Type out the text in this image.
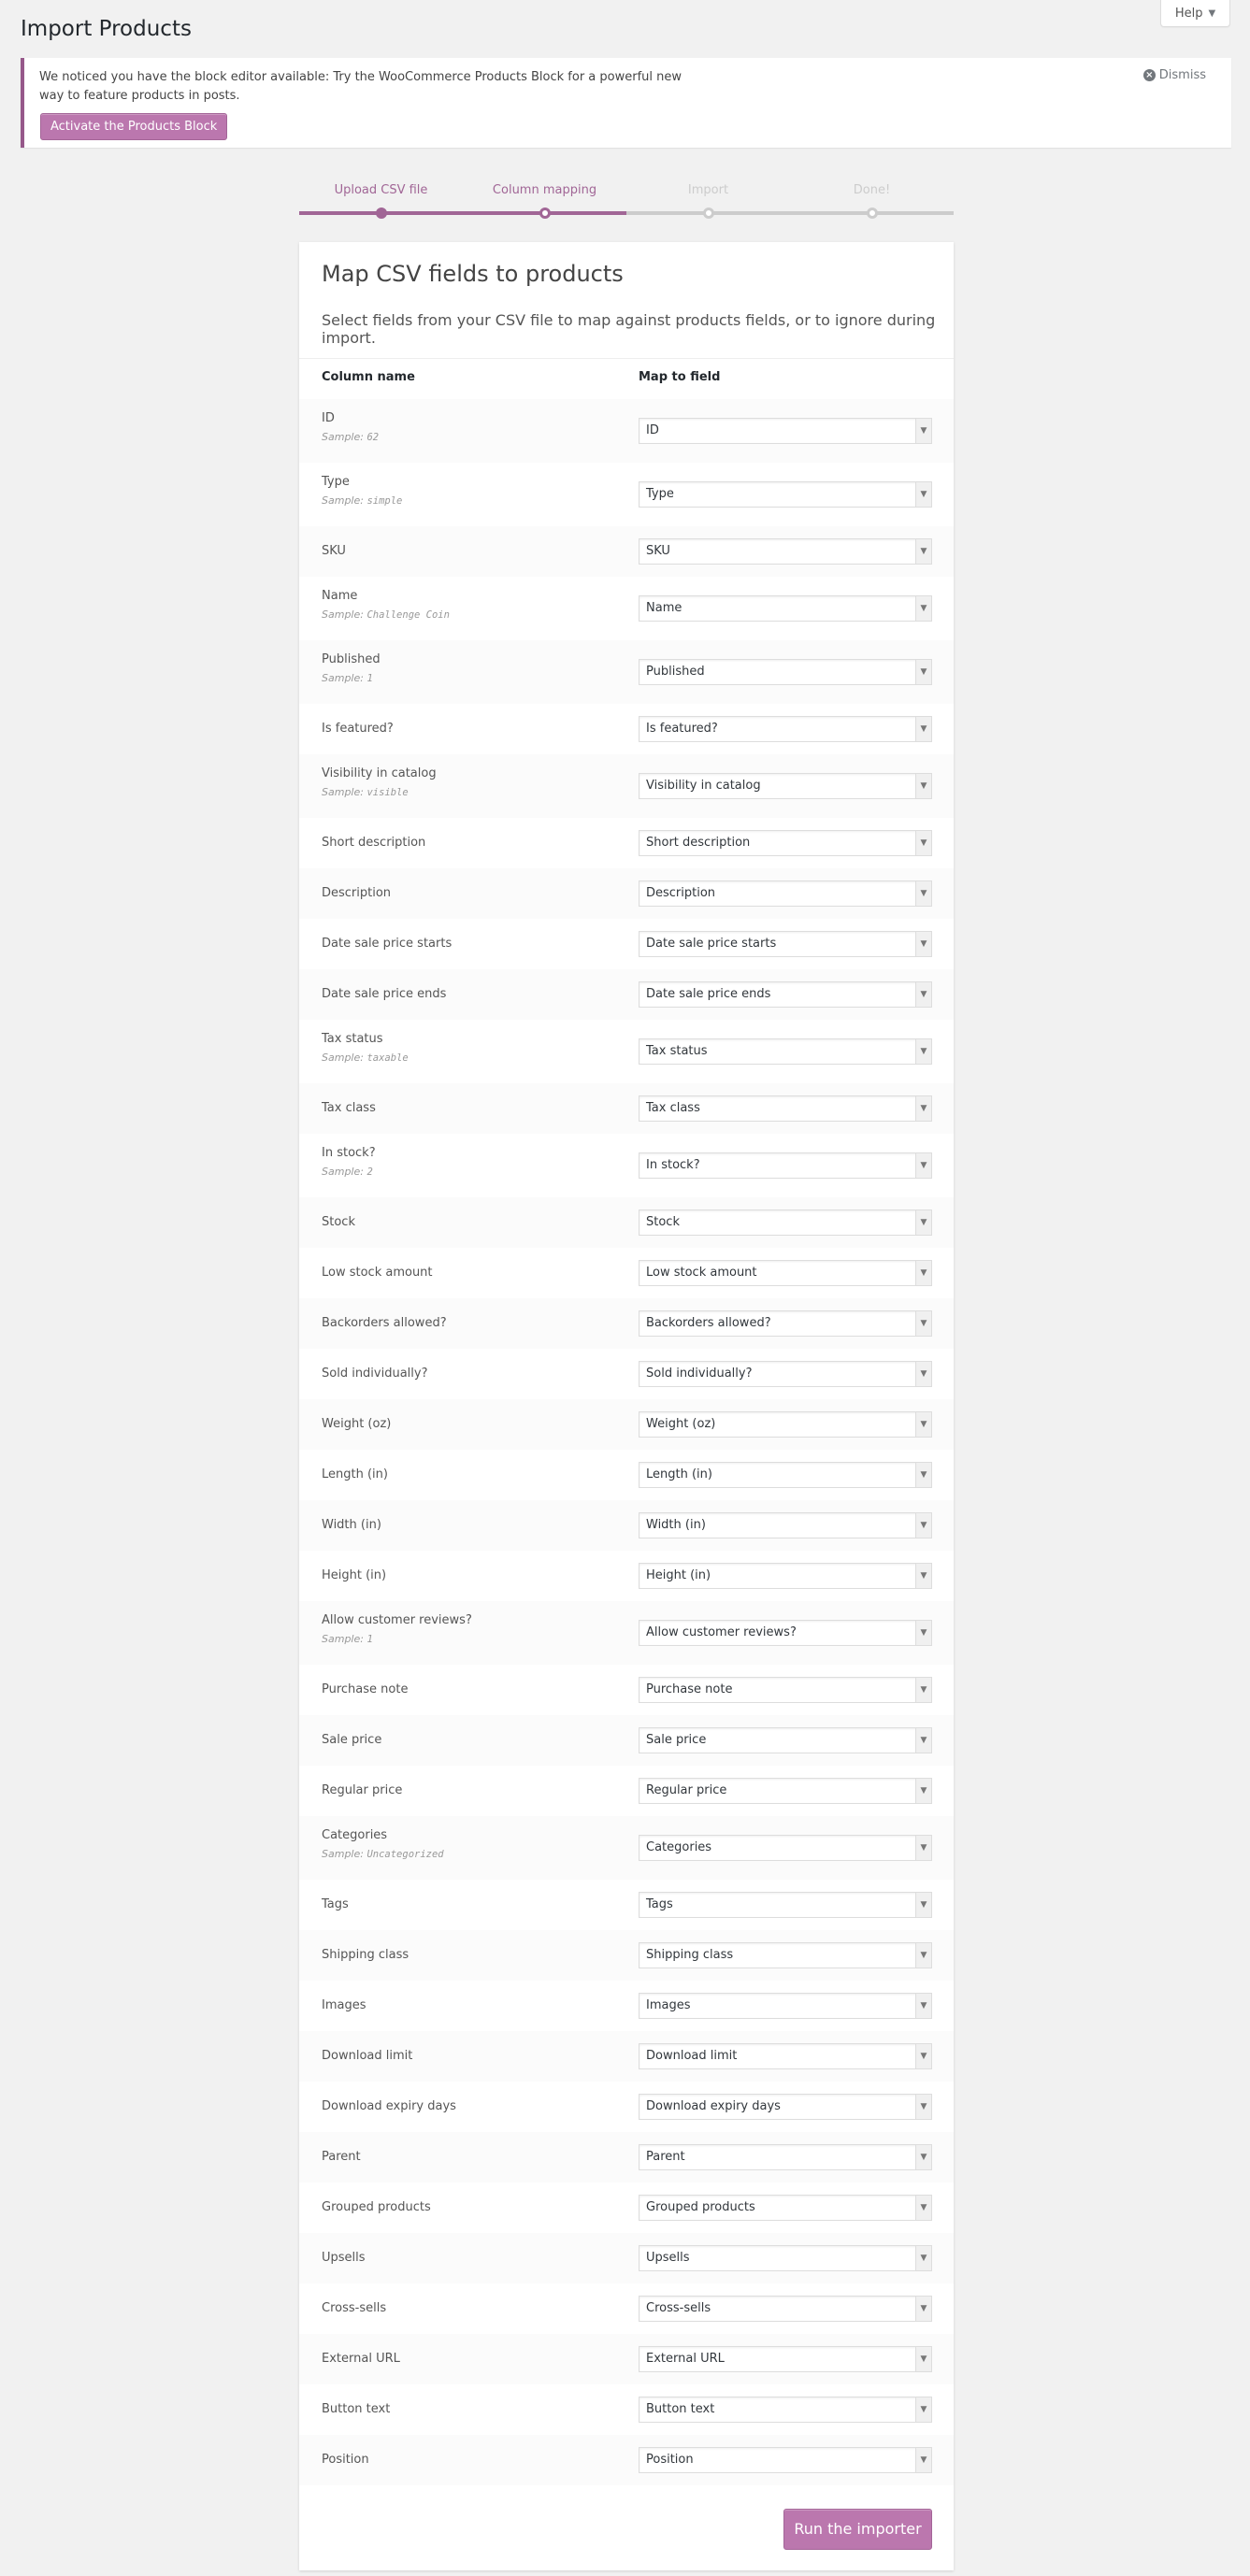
Help ▼
Import Products
We noticed you have the block editor available: Try the WooCommerce Products Block for a powerful new way to feature products in posts.
Activate the Products Block
× Dismiss
Upload CSV file	Column mapping	Import	Done!
Map CSV fields to products

Select fields from your CSV file to map against products fields, or to ignore during import.

Column name	Map to field
ID
Sample: 62	ID	▼
Type
Sample: simple	Type	▼
SKU	SKU	▼
Name
Sample: Challenge Coin	Name	▼
Published
Sample: 1	Published	▼
Is featured?	Is featured?	▼
Visibility in catalog
Sample: visible	Visibility in catalog	▼
Short description	Short description	▼
Description	Description	▼
Date sale price starts	Date sale price starts	▼
Date sale price ends	Date sale price ends	▼
Tax status
Sample: taxable	Tax status	▼
Tax class	Tax class	▼
In stock?
Sample: 2	In stock?	▼
Stock	Stock	▼
Low stock amount	Low stock amount	▼
Backorders allowed?	Backorders allowed?	▼
Sold individually?	Sold individually?	▼
Weight (oz)	Weight (oz)	▼
Length (in)	Length (in)	▼
Width (in)	Width (in)	▼
Height (in)	Height (in)	▼
Allow customer reviews?
Sample: 1	Allow customer reviews?	▼
Purchase note	Purchase note	▼
Sale price	Sale price	▼
Regular price	Regular price	▼
Categories
Sample: Uncategorized	Categories	▼
Tags	Tags	▼
Shipping class	Shipping class	▼
Images	Images	▼
Download limit	Download limit	▼
Download expiry days	Download expiry days	▼
Parent	Parent	▼
Grouped products	Grouped products	▼
Upsells	Upsells	▼
Cross-sells	Cross-sells	▼
External URL	External URL	▼
Button text	Button text	▼
Position	Position	▼
Run the importer
